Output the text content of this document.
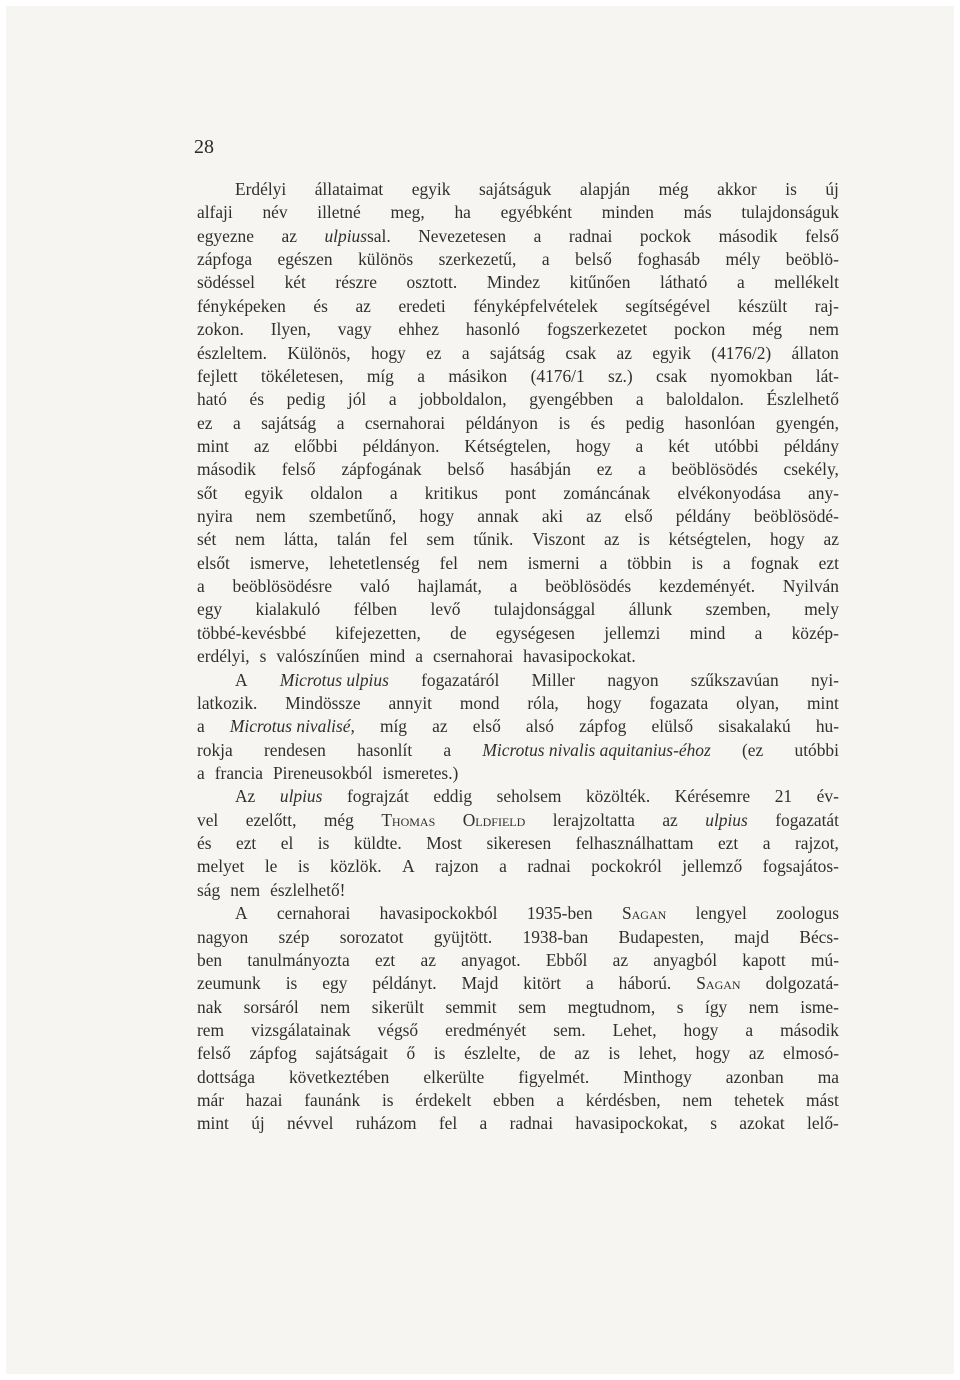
28
Erdélyi állataimat egyik sajátságuk alapján még akkor is új
alfaji név illetné meg, ha egyébként minden más tulajdonságuk
egyezne az ulpiussal. Nevezetesen a radnai pockok második felső
zápfoga egészen különös szerkezetű, a belső foghasáb mély beöblö-
södéssel két részre osztott. Mindez kitűnően látható a mellékelt
fényképeken és az eredeti fényképfelvételek segítségével készült raj-
zokon. Ilyen, vagy ehhez hasonló fogszerkezetet pockon még nem
észleltem. Különös, hogy ez a sajátság csak az egyik (4176/2) állaton
fejlett tökéletesen, míg a másikon (4176/1 sz.) csak nyomokban lát-
ható és pedig jól a jobboldalon, gyengébben a baloldalon. Észlelhető
ez a sajátság a csernahorai példányon is és pedig hasonlóan gyengén,
mint az előbbi példányon. Kétségtelen, hogy a két utóbbi példány
második felső zápfogának belső hasábján ez a beöblösödés csekély,
sőt egyik oldalon a kritikus pont zománcának elvékonyodása any-
nyira nem szembetűnő, hogy annak aki az első példány beöblösödé-
sét nem látta, talán fel sem tűnik. Viszont az is kétségtelen, hogy az
elsőt ismerve, lehetetlenség fel nem ismerni a többin is a fognak ezt
a beöblösödésre való hajlamát, a beöblösödés kezdeményét. Nyilván
egy kialakuló félben levő tulajdonsággal állunk szemben, mely
többé-kevésbbé kifejezetten, de egységesen jellemzi mind a közép-
erdélyi, s valószínűen mind a csernahorai havasipockokat.
A Microtus ulpius fogazatáról Miller nagyon szűkszavúan nyi-
latkozik. Mindössze annyit mond róla, hogy fogazata olyan, mint
a Microtus nivalisé, míg az első alsó zápfog elülső sisakalakú hu-
rokja rendesen hasonlít a Microtus nivalis aquitanius-éhoz (ez utóbbi
a francia Pireneusokból ismeretes.)
Az ulpius fograjzát eddig seholsem közölték. Kérésemre 21 év-
vel ezelőtt, még Thomas Oldfield lerajzoltatta az ulpius fogazatát
és ezt el is küldte. Most sikeresen felhasználhattam ezt a rajzot,
melyet le is közlök. A rajzon a radnai pockokról jellemző fogsajátos-
ság nem észlelhető!
A cernahorai havasipockokból 1935-ben Sagan lengyel zoologus
nagyon szép sorozatot gyüjtött. 1938-ban Budapesten, majd Bécs-
ben tanulmányozta ezt az anyagot. Ebből az anyagból kapott mú-
zeumunk is egy példányt. Majd kitört a háború. Sagan dolgozatá-
nak sorsáról nem sikerült semmit sem megtudnom, s így nem isme-
rem vizsgálatainak végső eredményét sem. Lehet, hogy a második
felső zápfog sajátságait ő is észlelte, de az is lehet, hogy az elmosó-
dottsága következtében elkerülte figyelmét. Minthogy azonban ma
már hazai faunánk is érdekelt ebben a kérdésben, nem tehetek mást
mint új névvel ruházom fel a radnai havasipockokat, s azokat lelő-
